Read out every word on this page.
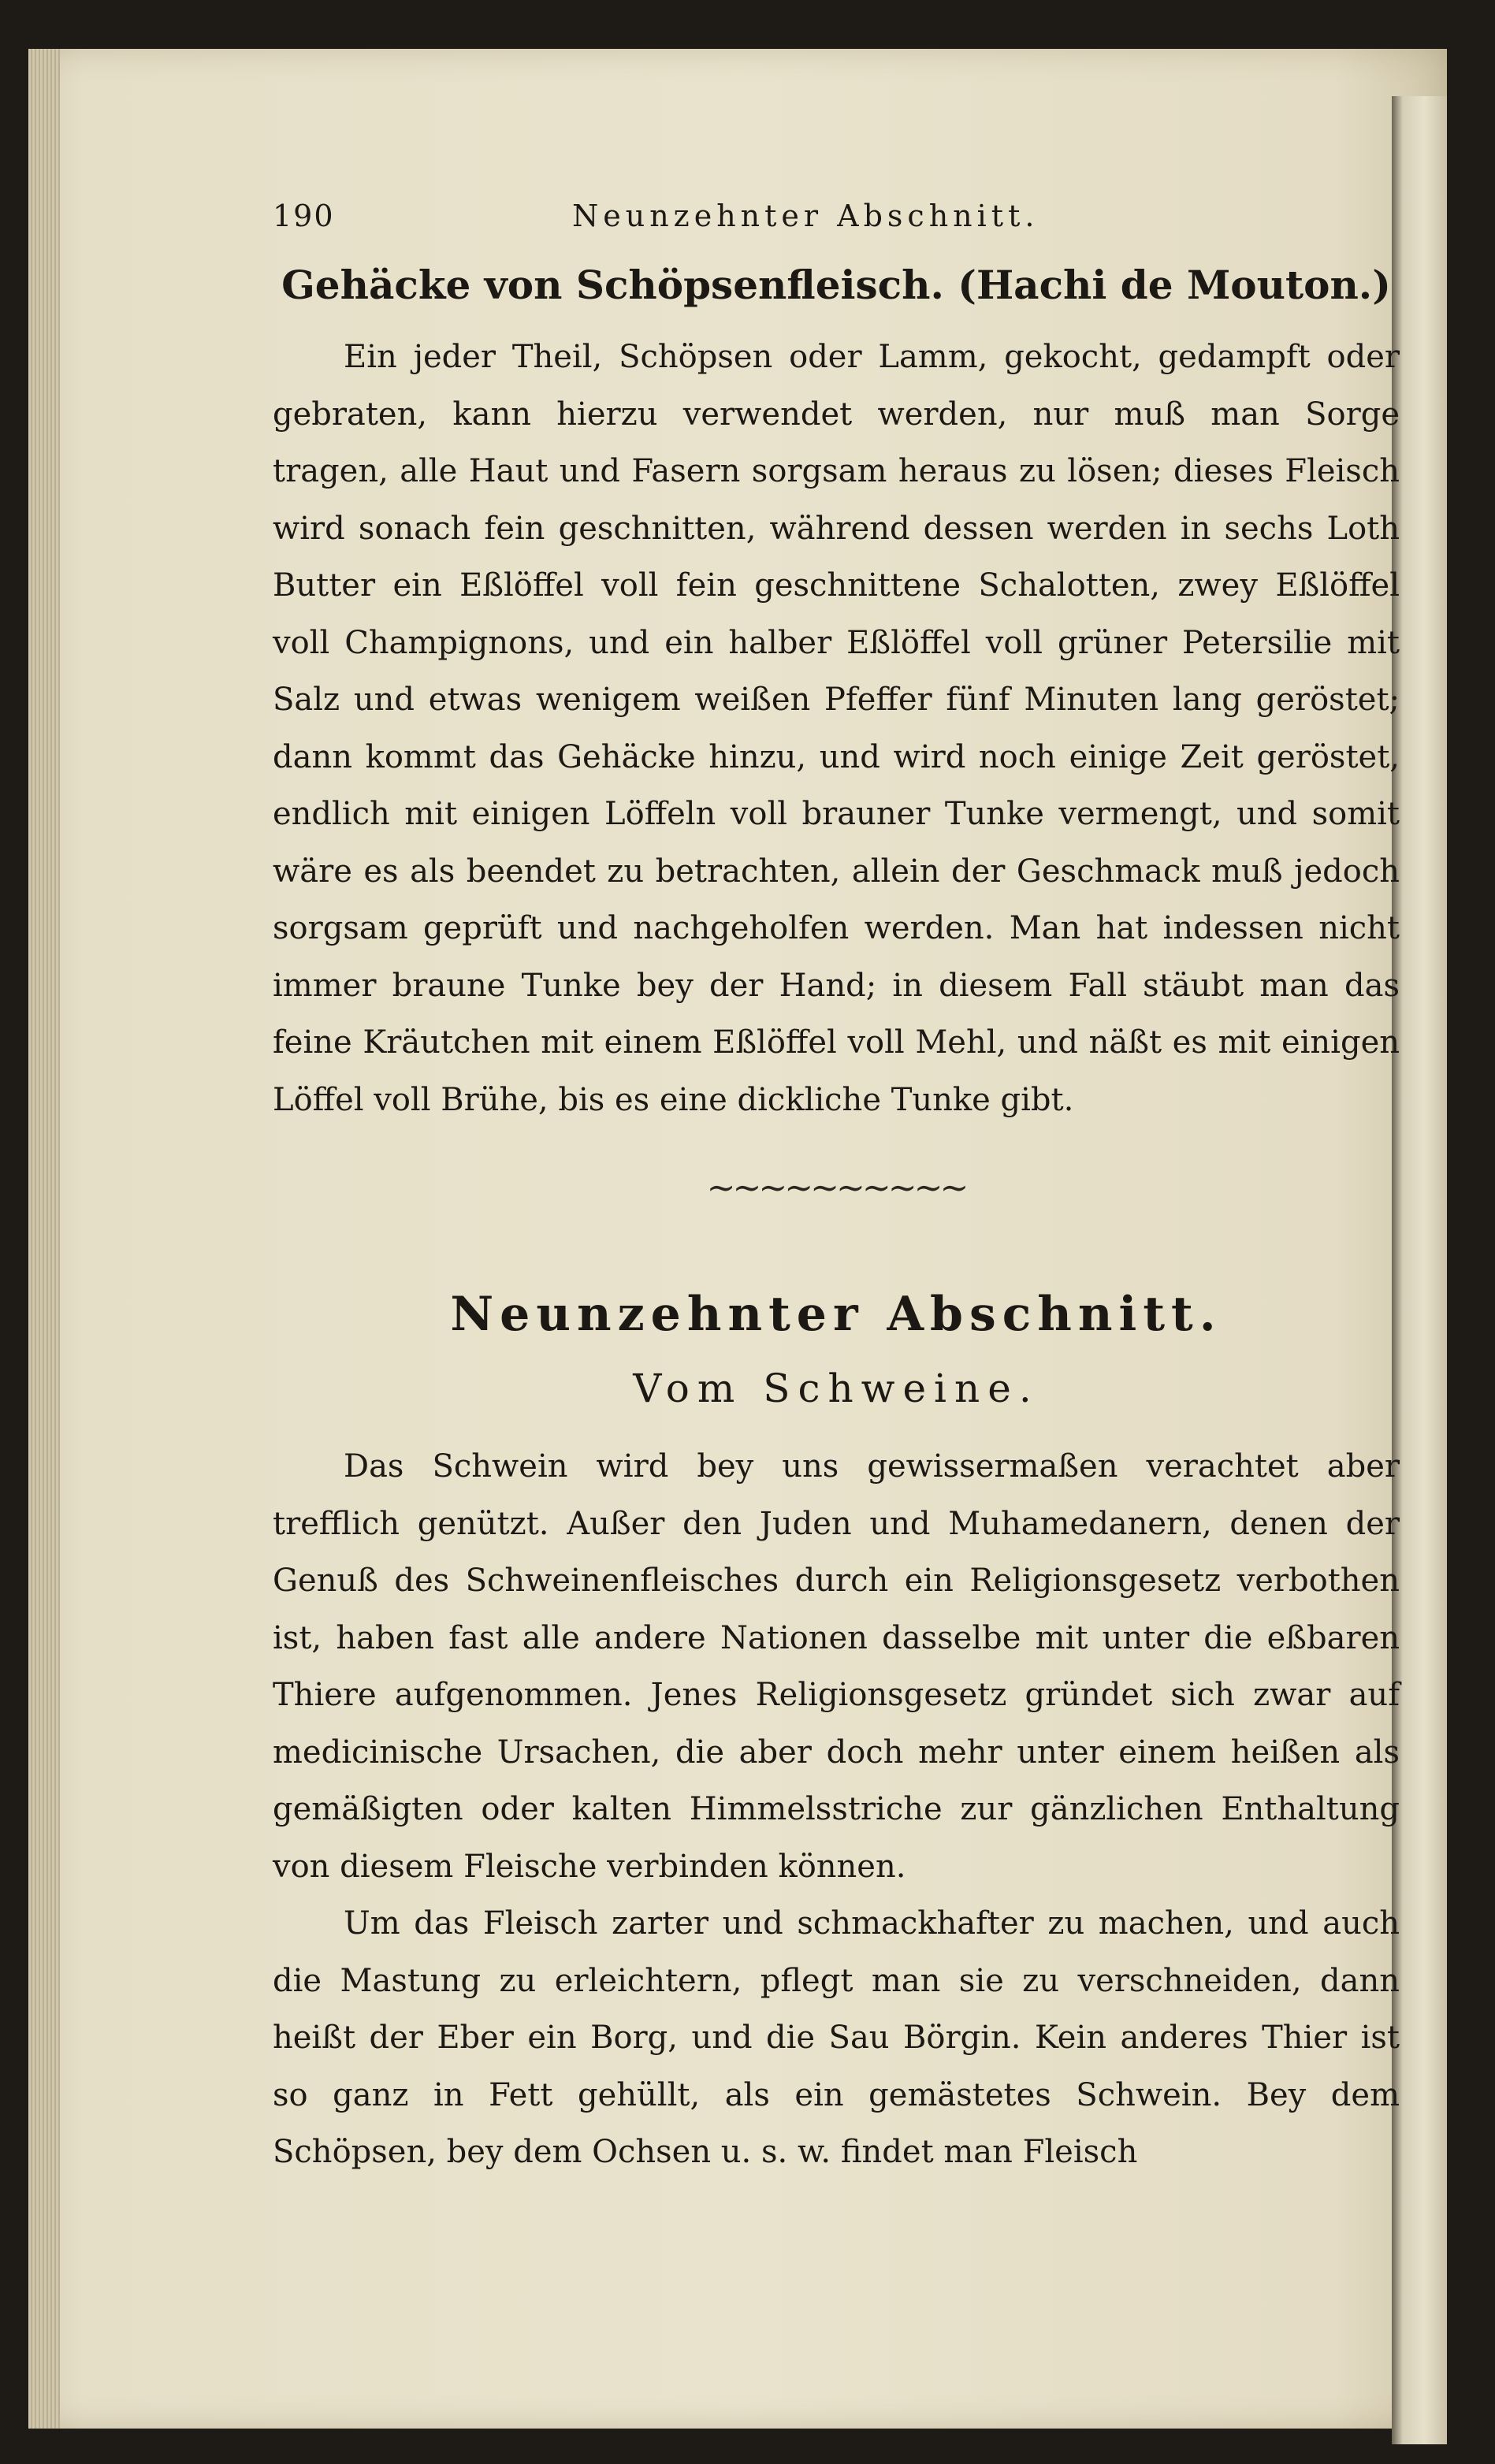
190	Neunzehnter Abschnitt.
Gehäcke von Schöpsenfleisch. (Hachi de Mouton.)

Ein jeder Theil, Schöpsen oder Lamm, gekocht, gedampft oder gebraten, kann hierzu verwendet werden, nur muß man Sorge tragen, alle Haut und Fasern sorgsam heraus zu lösen; dieses Fleisch wird sonach fein geschnitten, während dessen werden in sechs Loth Butter ein Eßlöffel voll fein geschnittene Schalotten, zwey Eßlöffel voll Champignons, und ein halber Eßlöffel voll grüner Petersilie mit Salz und etwas wenigem weißen Pfeffer fünf Minuten lang geröstet; dann kommt das Gehäcke hinzu, und wird noch einige Zeit geröstet, endlich mit einigen Löffeln voll brauner Tunke vermengt, und somit wäre es als beendet zu betrachten, allein der Geschmack muß jedoch sorgsam geprüft und nachgeholfen werden. Man hat indessen nicht immer braune Tunke bey der Hand; in diesem Fall stäubt man das feine Kräutchen mit einem Eßlöffel voll Mehl, und näßt es mit einigen Löffel voll Brühe, bis es eine dickliche Tunke gibt.

~~~~~~~~~~
Neunzehnter Abschnitt.
Vom Schweine.

Das Schwein wird bey uns gewissermaßen verachtet aber trefflich genützt. Außer den Juden und Muhamedanern, denen der Genuß des Schweinenfleisches durch ein Religionsgesetz verbothen ist, haben fast alle andere Nationen dasselbe mit unter die eßbaren Thiere aufgenommen. Jenes Religionsgesetz gründet sich zwar auf medicinische Ursachen, die aber doch mehr unter einem heißen als gemäßigten oder kalten Himmelsstriche zur gänzlichen Enthaltung von diesem Fleische verbinden können.

Um das Fleisch zarter und schmackhafter zu machen, und auch die Mastung zu erleichtern, pflegt man sie zu verschneiden, dann heißt der Eber ein Borg, und die Sau Börgin. Kein anderes Thier ist so ganz in Fett gehüllt, als ein gemästetes Schwein. Bey dem Schöpsen, bey dem Ochsen u. s. w. findet man Fleisch
